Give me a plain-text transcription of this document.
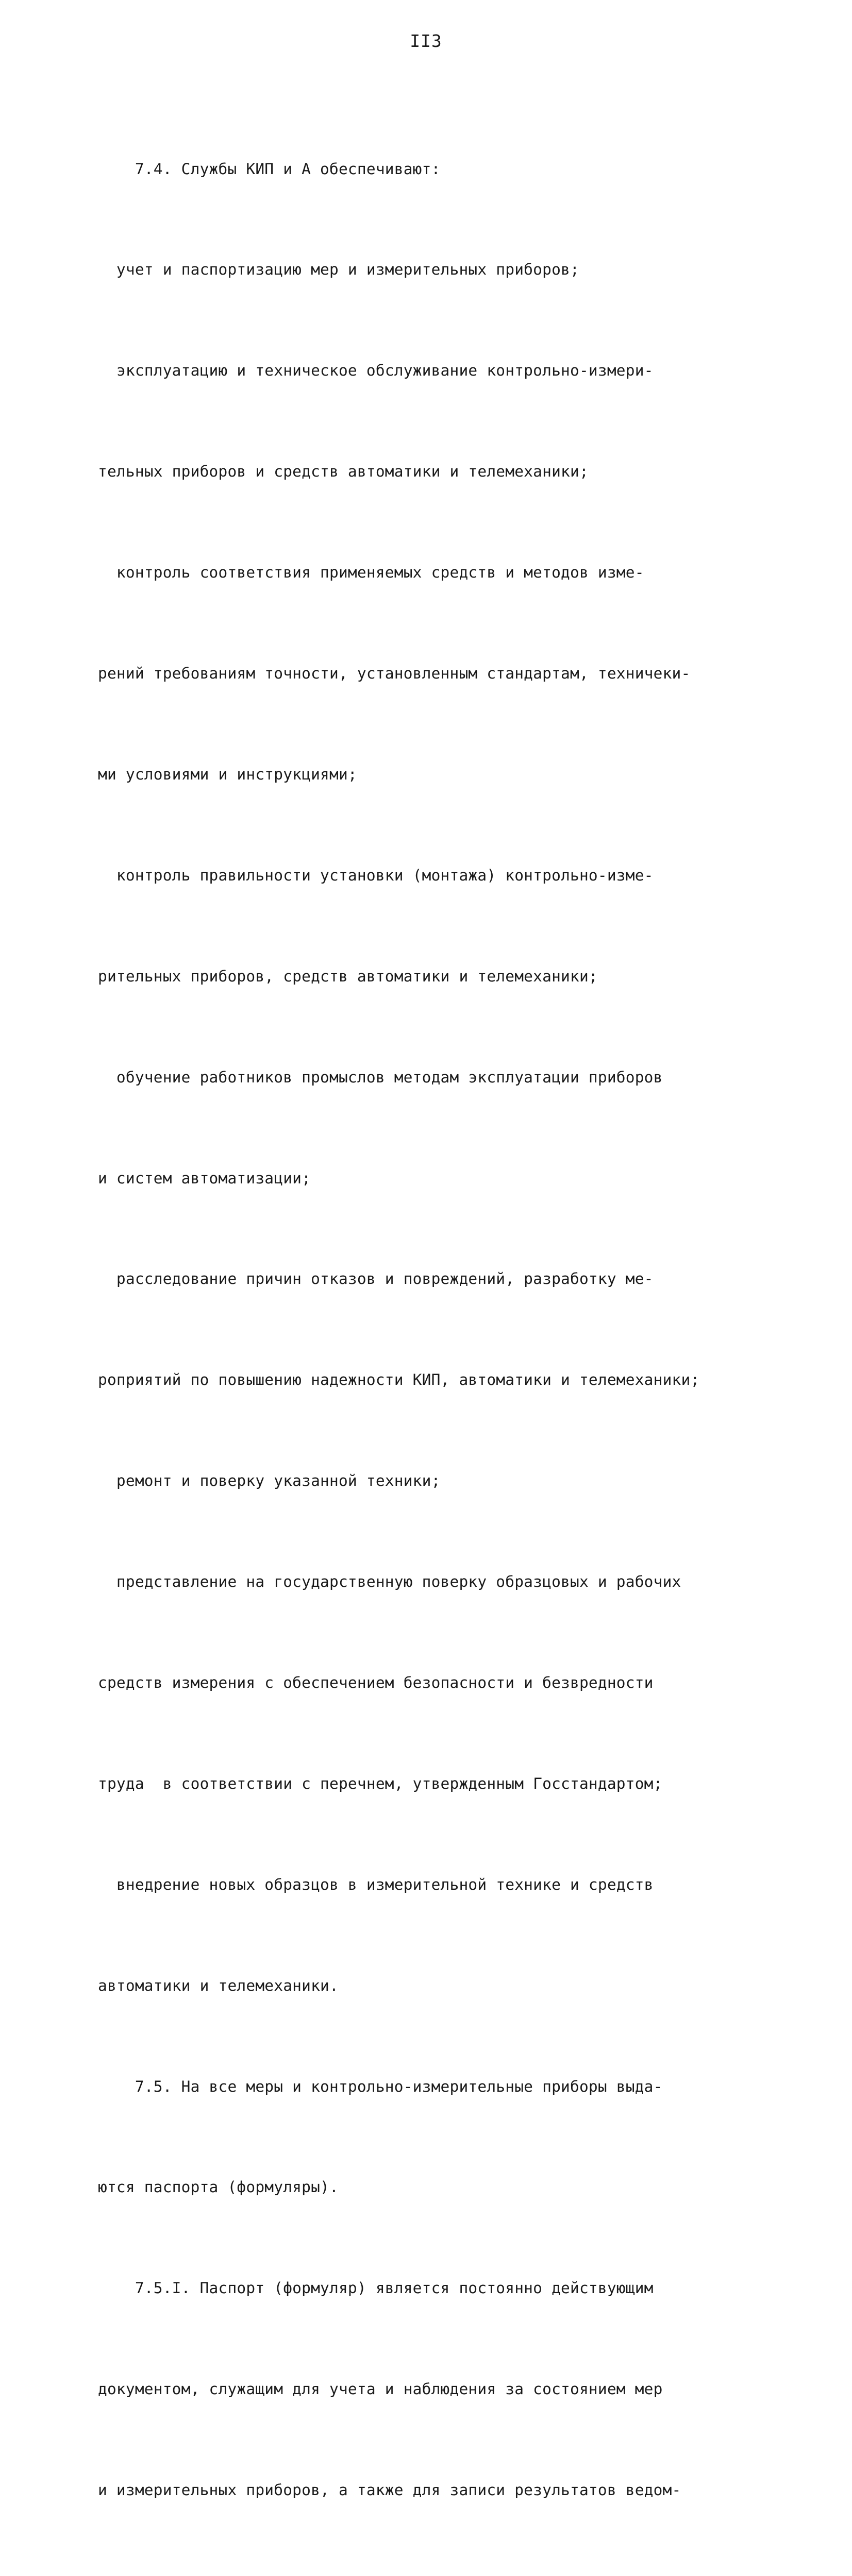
II3

7.4. Службы КИП и А обеспечивают:

учет и паспортизацию мер и измерительных приборов;

эксплуатацию и техническое обслуживание контрольно-измери-

тельных приборов и средств автоматики и телемеханики;

контроль соответствия применяемых средств и методов изме-

рений требованиям точности, установленным стандартам, техничеки-

ми условиями и инструкциями;

контроль правильности установки (монтажа) контрольно-изме-

рительных приборов, средств автоматики и телемеханики;

обучение работников промыслов методам эксплуатации приборов

и систем автоматизации;

расследование причин отказов и повреждений, разработку ме-

роприятий по повышению надежности КИП, автоматики и телемеханики;

ремонт и поверку указанной техники;

представление на государственную поверку образцовых и рабочих

средств измерения с обеспечением безопасности и безвредности

труда  в соответствии с перечнем, утвержденным Госстандартом;

внедрение новых образцов в измерительной технике и средств

автоматики и телемеханики.

7.5. На все меры и контрольно-измерительные приборы выда-

ются паспорта (формуляры).

7.5.I. Паспорт (формуляр) является постоянно действующим

документом, служащим для учета и наблюдения за состоянием мер

и измерительных приборов, а также для записи результатов ведом-
